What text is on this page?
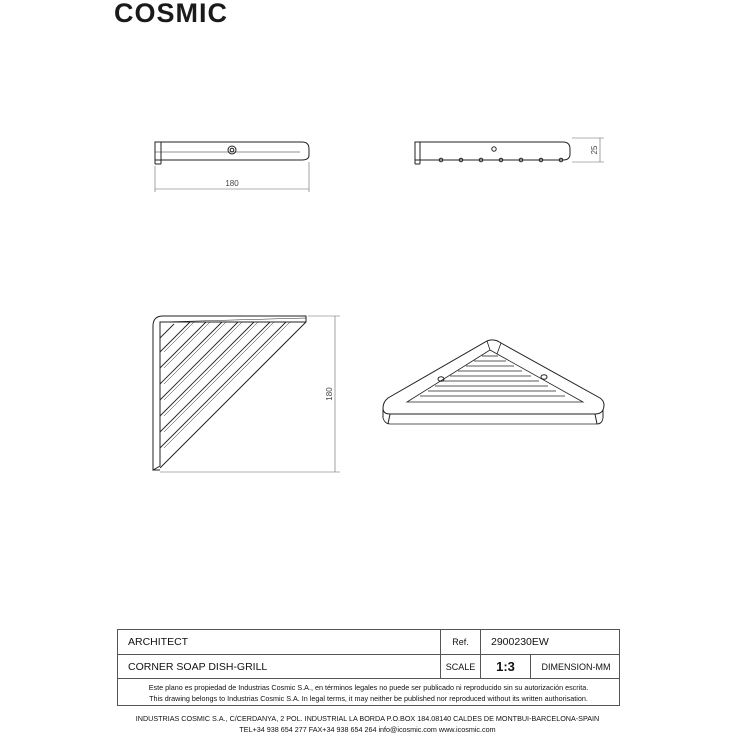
COSMIC
180
25
180
ARCHITECT	Ref.	2900230EW
CORNER SOAP DISH-GRILL	SCALE	1:3	DIMENSION-MM
Este plano es propiedad de Industrias Cosmic S.A., en términos legales no puede ser publicado ni reproducido sin su autorización escrita.
This drawing belongs to Industrias Cosmic S.A. In legal terms, it may neither be published nor reproduced without its written authorisation.
INDUSTRIAS COSMIC S.A., C/CERDANYA, 2 POL. INDUSTRIAL LA BORDA P.O.BOX 184.08140 CALDES DE MONTBUI-BARCELONA-SPAIN
TEL+34 938 654 277 FAX+34 938 654 264 info@icosmic.com www.icosmic.com
